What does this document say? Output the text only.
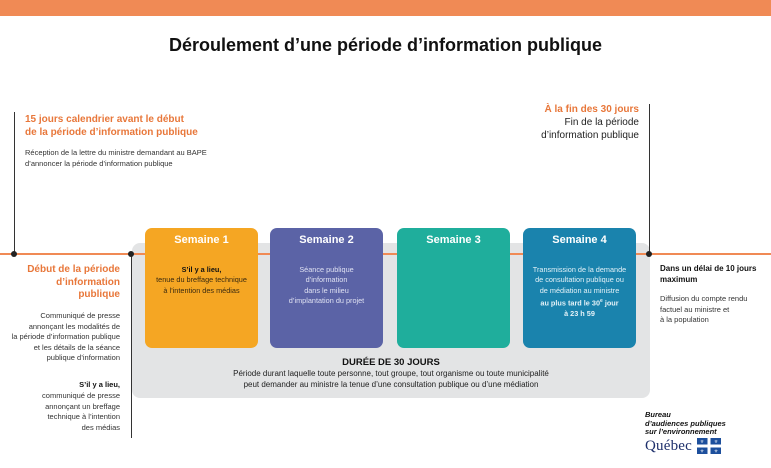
Déroulement d’une période d’information publique
15 jours calendrier avant le début
de la période d’information publique
Réception de la lettre du ministre demandant au BAPE
d’annoncer la période d’information publique
À la fin des 30 jours
Fin de la période
d’information publique
Semaine 1
S’il y a lieu,
tenue du breffage technique
à l’intention des médias
Semaine 2
Séance publique
d’information
dans le milieu
d’implantation du projet
Semaine 3	Semaine 4
Transmission de la demande
de consultation publique ou
de médiation au ministre
au plus tard le 30e jour
à 23 h 59
DURÉE DE 30 JOURS
Période durant laquelle toute personne, tout groupe, tout organisme ou toute municipalité
peut demander au ministre la tenue d’une consultation publique ou d’une médiation
Début de la période
d’information
publique
Communiqué de presse
annonçant les modalités de
la période d’information publique
et les détails de la séance
publique d’information
S’il y a lieu,
communiqué de presse
annonçant un breffage
technique à l’intention
des médias
Dans un délai de 10 jours
maximum
Diffusion du compte rendu
factuel au ministre et
à la population
Bureau
d’audiences publiques
sur l’environnement
Québec ⚜ ⚜
⚜ ⚜
